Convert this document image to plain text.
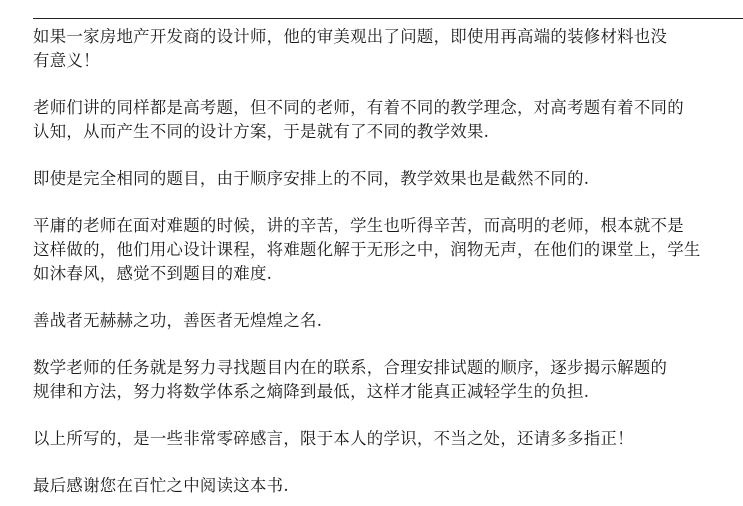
如果一家房地产开发商的设计师，他的审美观出了问题，即使用再高端的装修材料也没
有意义！

老师们讲的同样都是高考题，但不同的老师，有着不同的教学理念，对高考题有着不同的
认知，从而产生不同的设计方案，于是就有了不同的教学效果.

即使是完全相同的题目，由于顺序安排上的不同，教学效果也是截然不同的.

平庸的老师在面对难题的时候，讲的辛苦，学生也听得辛苦，而高明的老师，根本就不是
这样做的，他们用心设计课程，将难题化解于无形之中，润物无声，在他们的课堂上，学生
如沐春风，感觉不到题目的难度.

善战者无赫赫之功，善医者无煌煌之名.

数学老师的任务就是努力寻找题目内在的联系，合理安排试题的顺序，逐步揭示解题的
规律和方法，努力将数学体系之熵降到最低，这样才能真正减轻学生的负担.

以上所写的，是一些非常零碎感言，限于本人的学识，不当之处，还请多多指正！

最后感谢您在百忙之中阅读这本书.
